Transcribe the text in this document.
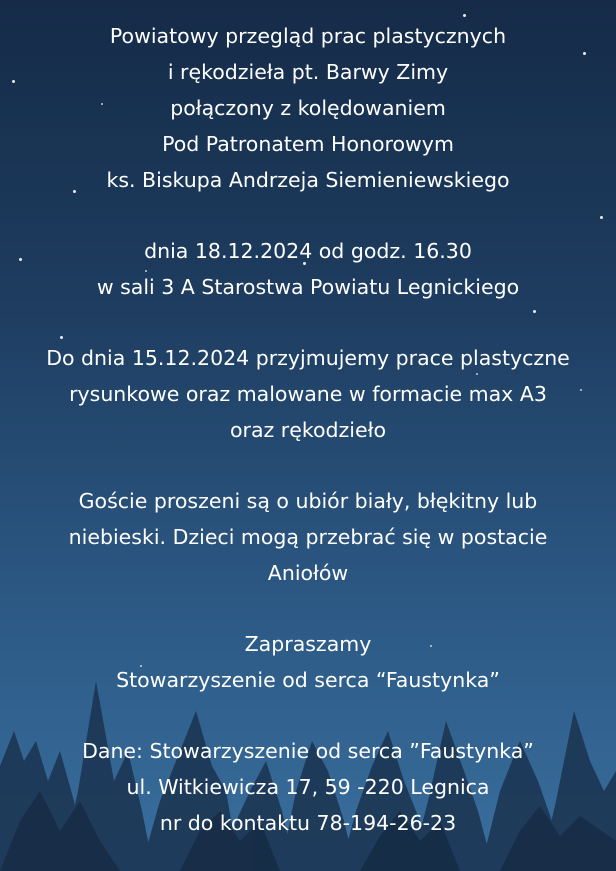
Powiatowy przegląd prac plastycznych
i rękodzieła pt. Barwy Zimy
połączony z kolędowaniem
Pod Patronatem Honorowym
ks. Biskupa Andrzeja Siemieniewskiego
dnia 18.12.2024 od godz. 16.30
w sali 3 A Starostwa Powiatu Legnickiego
Do dnia 15.12.2024 przyjmujemy prace plastyczne
rysunkowe oraz malowane w formacie max A3
oraz rękodzieło
Goście proszeni są o ubiór biały, błękitny lub
niebieski. Dzieci mogą przebrać się w postacie
Aniołów
Zapraszamy
Stowarzyszenie od serca “Faustynka”
Dane: Stowarzyszenie od serca ”Faustynka”
ul. Witkiewicza 17, 59 -220 Legnica
nr do kontaktu 78-194-26-23
